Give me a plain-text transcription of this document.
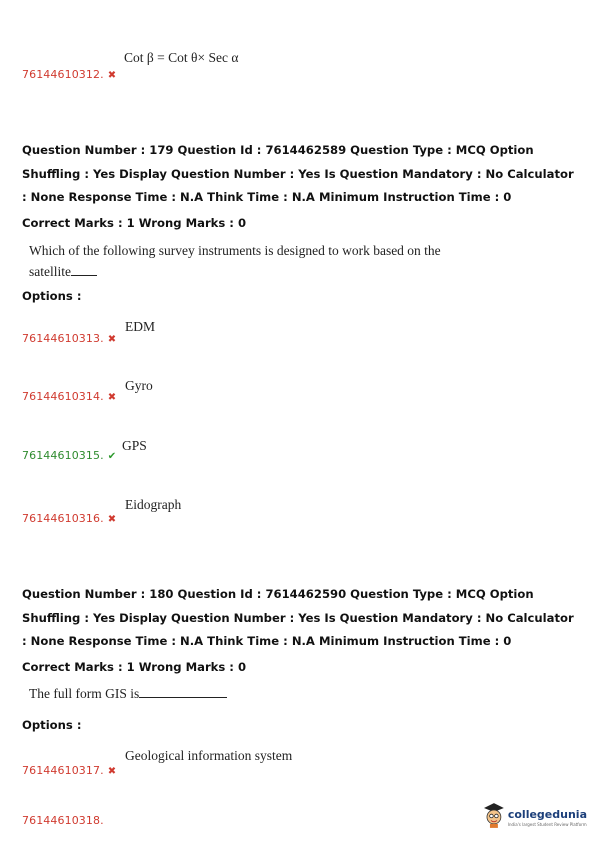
Cot β = Cot θ× Sec α
76144610312. ✖
Question Number : 179 Question Id : 7614462589 Question Type : MCQ Option Shuffling : Yes Display Question Number : Yes Is Question Mandatory : No Calculator : None Response Time : N.A Think Time : N.A Minimum Instruction Time : 0
Correct Marks : 1 Wrong Marks : 0
Which of the following survey instruments is designed to work based on the
satellite
Options :
EDM
76144610313. ✖
Gyro
76144610314. ✖
GPS
76144610315. ✔
Eidograph
76144610316. ✖
Question Number : 180 Question Id : 7614462590 Question Type : MCQ Option Shuffling : Yes Display Question Number : Yes Is Question Mandatory : No Calculator : None Response Time : N.A Think Time : N.A Minimum Instruction Time : 0
Correct Marks : 1 Wrong Marks : 0
The full form GIS is
Options :
Geological information system
76144610317. ✖
76144610318.	collegedunia
India's largest Student Review Platform
